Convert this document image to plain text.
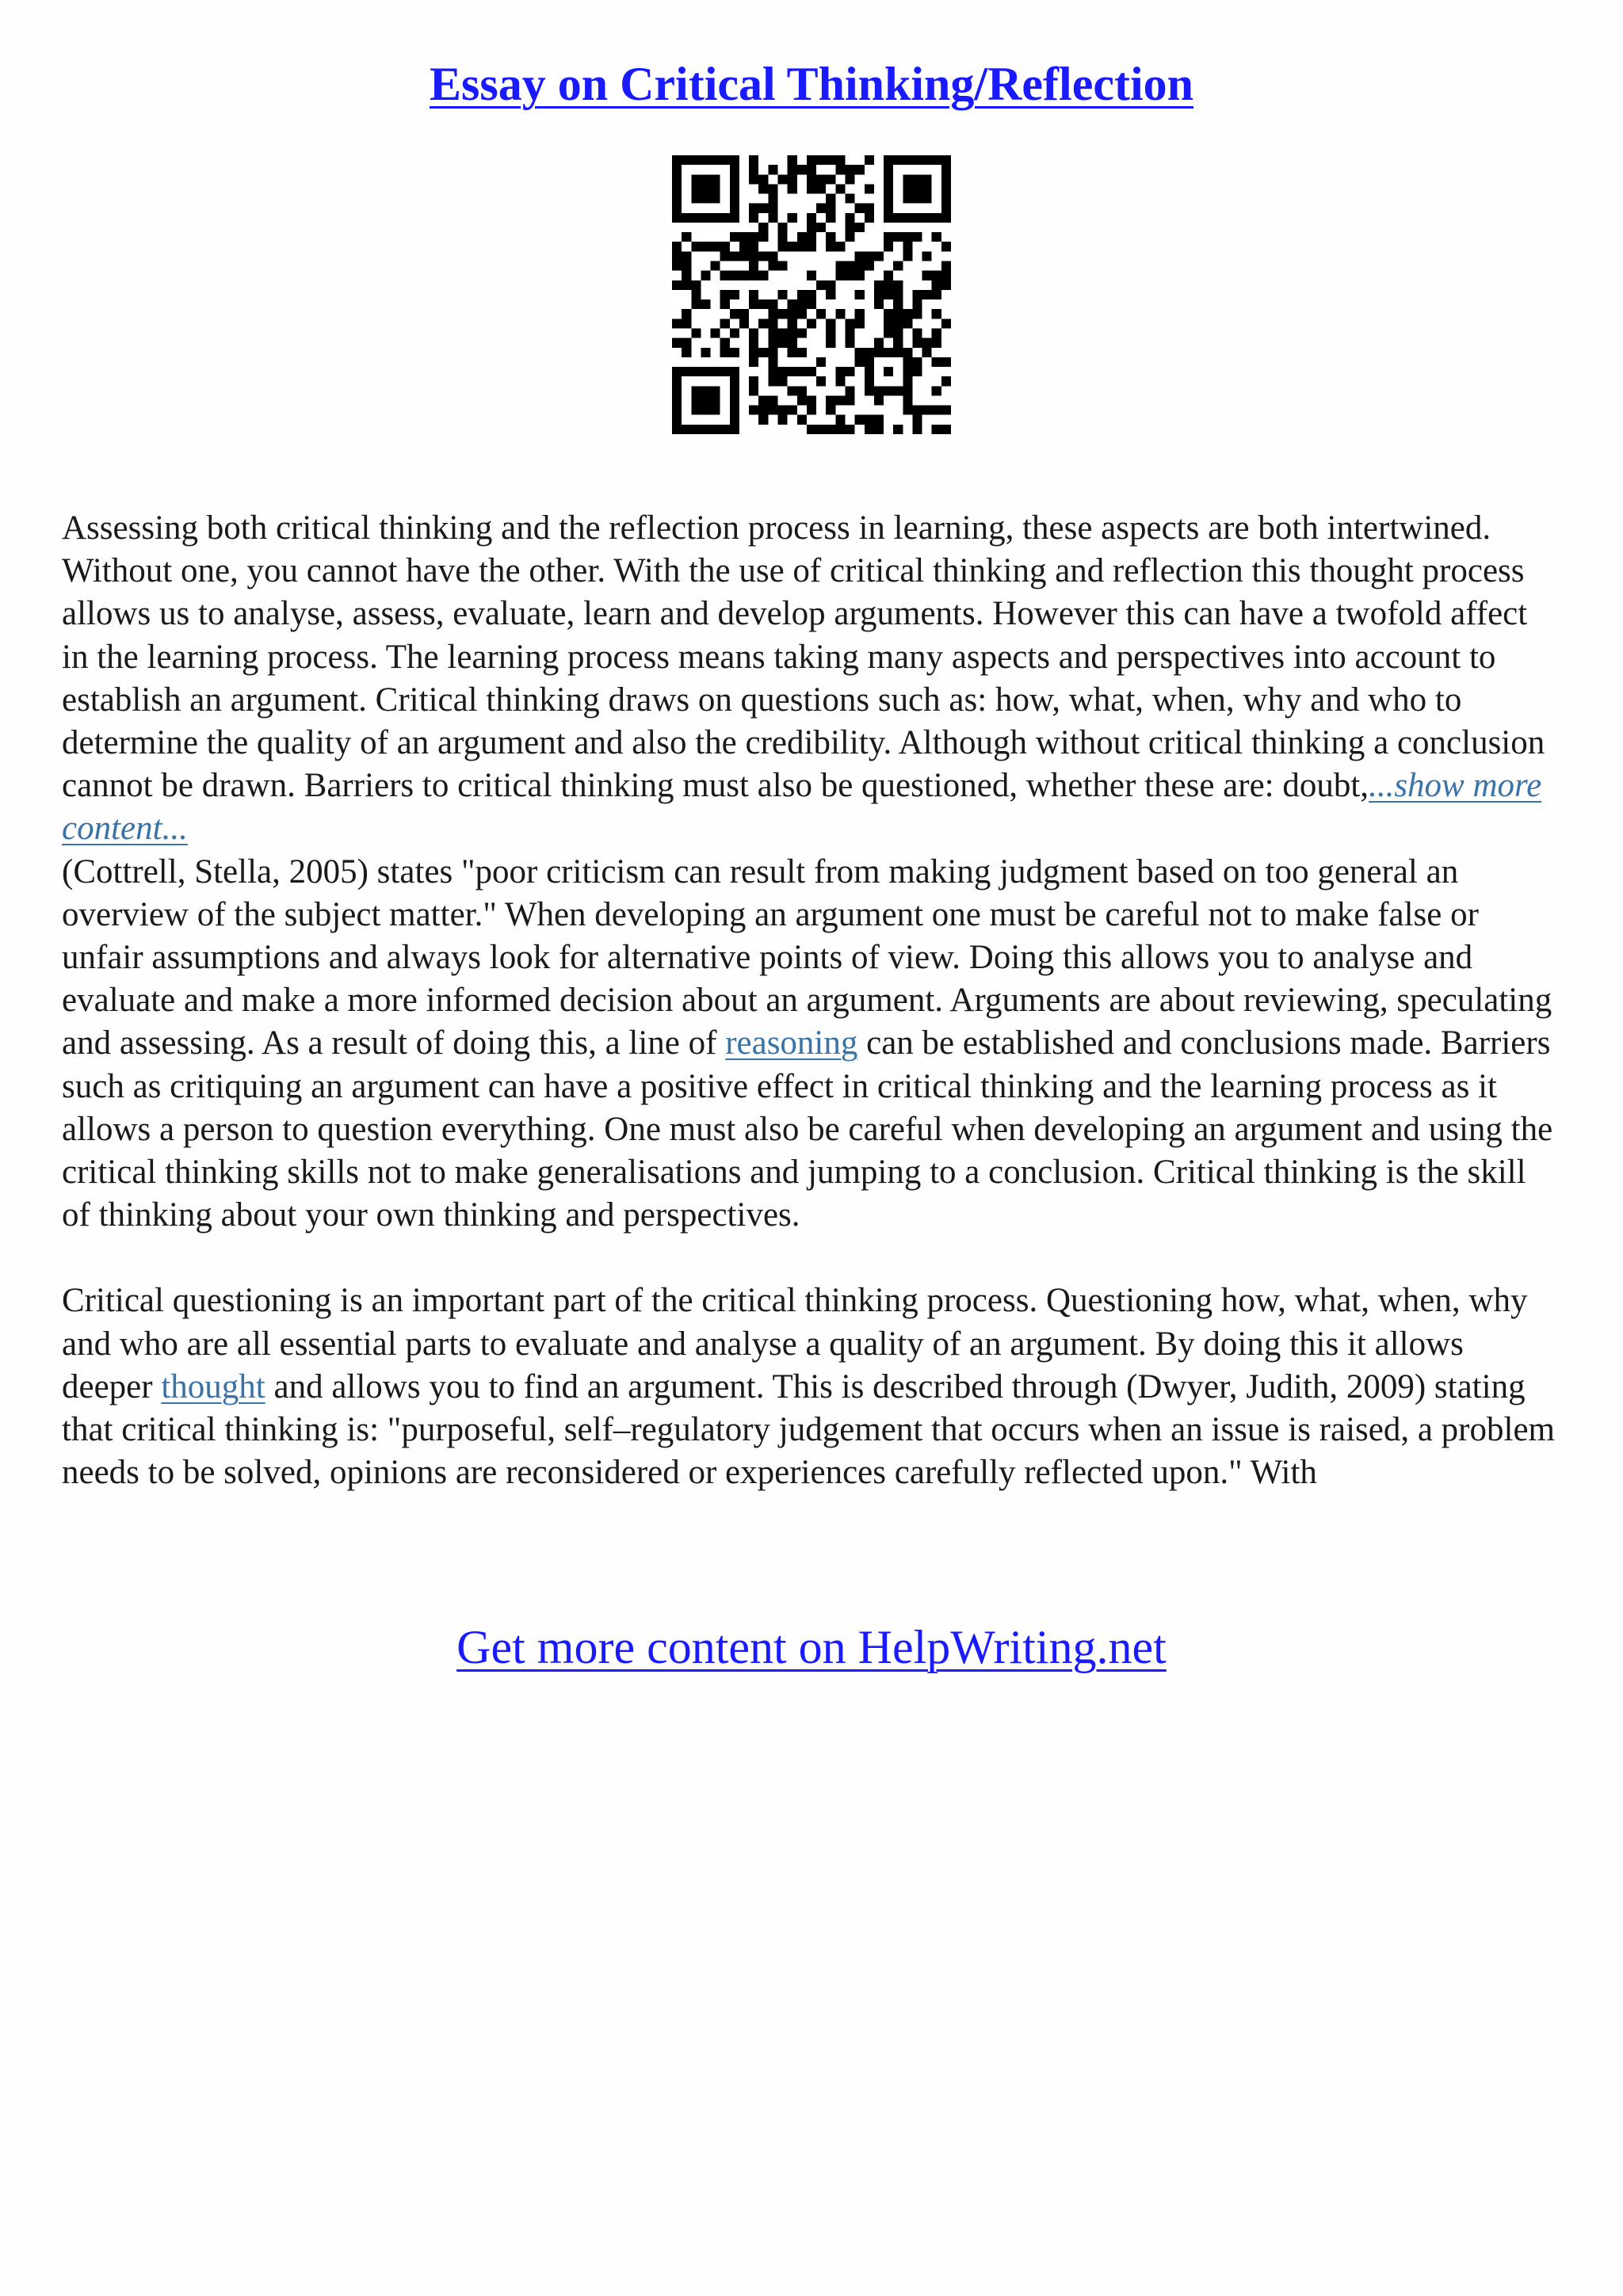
Essay on Critical Thinking/Reflection

Assessing both critical thinking and the reflection process in learning, these aspects are both intertwined. Without one, you cannot have the other. With the use of critical thinking and reflection this thought process allows us to analyse, assess, evaluate, learn and develop arguments. However this can have a twofold affect in the learning process. The learning process means taking many aspects and perspectives into account to establish an argument. Critical thinking draws on questions such as: how, what, when, why and who to determine the quality of an argument and also the credibility. Although without critical thinking a conclusion cannot be drawn. Barriers to critical thinking must also be questioned, whether these are: doubt,...show more content...
(Cottrell, Stella, 2005) states "poor criticism can result from making judgment based on too general an overview of the subject matter." When developing an argument one must be careful not to make false or unfair assumptions and always look for alternative points of view. Doing this allows you to analyse and evaluate and make a more informed decision about an argument. Arguments are about reviewing, speculating and assessing. As a result of doing this, a line of reasoning can be established and conclusions made. Barriers such as critiquing an argument can have a positive effect in critical thinking and the learning process as it allows a person to question everything. One must also be careful when developing an argument and using the critical thinking skills not to make generalisations and jumping to a conclusion. Critical thinking is the skill of thinking about your own thinking and perspectives.

Critical questioning is an important part of the critical thinking process. Questioning how, what, when, why and who are all essential parts to evaluate and analyse a quality of an argument. By doing this it allows deeper thought and allows you to find an argument. This is described through (Dwyer, Judith, 2009) stating that critical thinking is: "purposeful, self–regulatory judgement that occurs when an issue is raised, a problem needs to be solved, opinions are reconsidered or experiences carefully reflected upon." With

Get more content on HelpWriting.net
